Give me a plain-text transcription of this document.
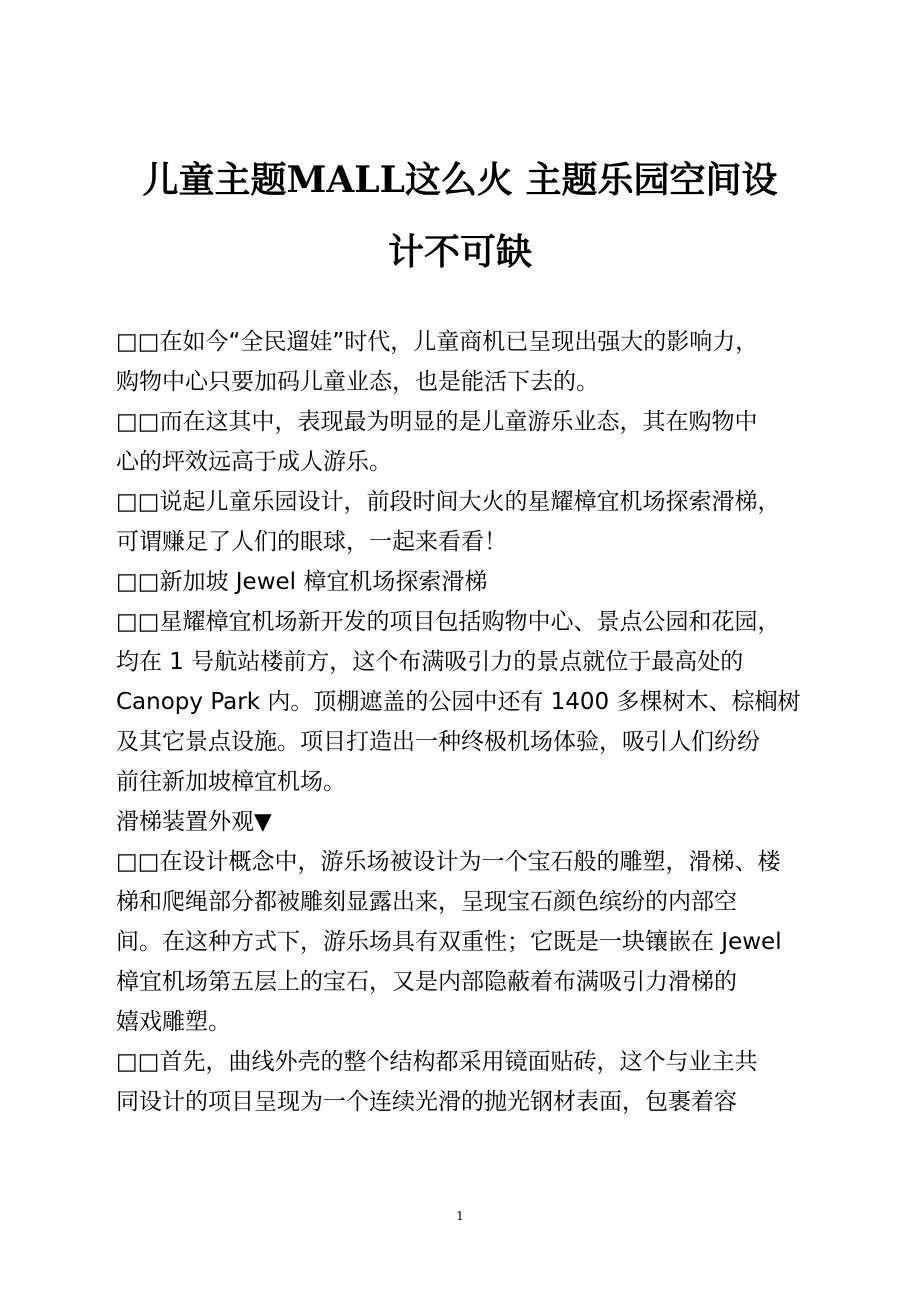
儿童主题MALL这么火 主题乐园空间设
计不可缺
□□在如今“全民遛娃”时代，儿童商机已呈现出强大的影响力，
购物中心只要加码儿童业态，也是能活下去的。
□□而在这其中，表现最为明显的是儿童游乐业态，其在购物中
心的坪效远高于成人游乐。
□□说起儿童乐园设计，前段时间大火的星耀樟宜机场探索滑梯，
可谓赚足了人们的眼球，一起来看看！
□□新加坡 Jewel 樟宜机场探索滑梯
□□星耀樟宜机场新开发的项目包括购物中心、景点公园和花园，
均在 1 号航站楼前方，这个布满吸引力的景点就位于最高处的
Canopy Park 内。顶棚遮盖的公园中还有 1400 多棵树木、棕榈树
及其它景点设施。项目打造出一种终极机场体验，吸引人们纷纷
前往新加坡樟宜机场。
滑梯装置外观▼
□□在设计概念中，游乐场被设计为一个宝石般的雕塑，滑梯、楼
梯和爬绳部分都被雕刻显露出来，呈现宝石颜色缤纷的内部空
间。在这种方式下，游乐场具有双重性；它既是一块镶嵌在 Jewel
樟宜机场第五层上的宝石，又是内部隐蔽着布满吸引力滑梯的
嬉戏雕塑。
□□首先，曲线外壳的整个结构都采用镜面贴砖，这个与业主共
同设计的项目呈现为一个连续光滑的抛光钢材表面，包裹着容
1
